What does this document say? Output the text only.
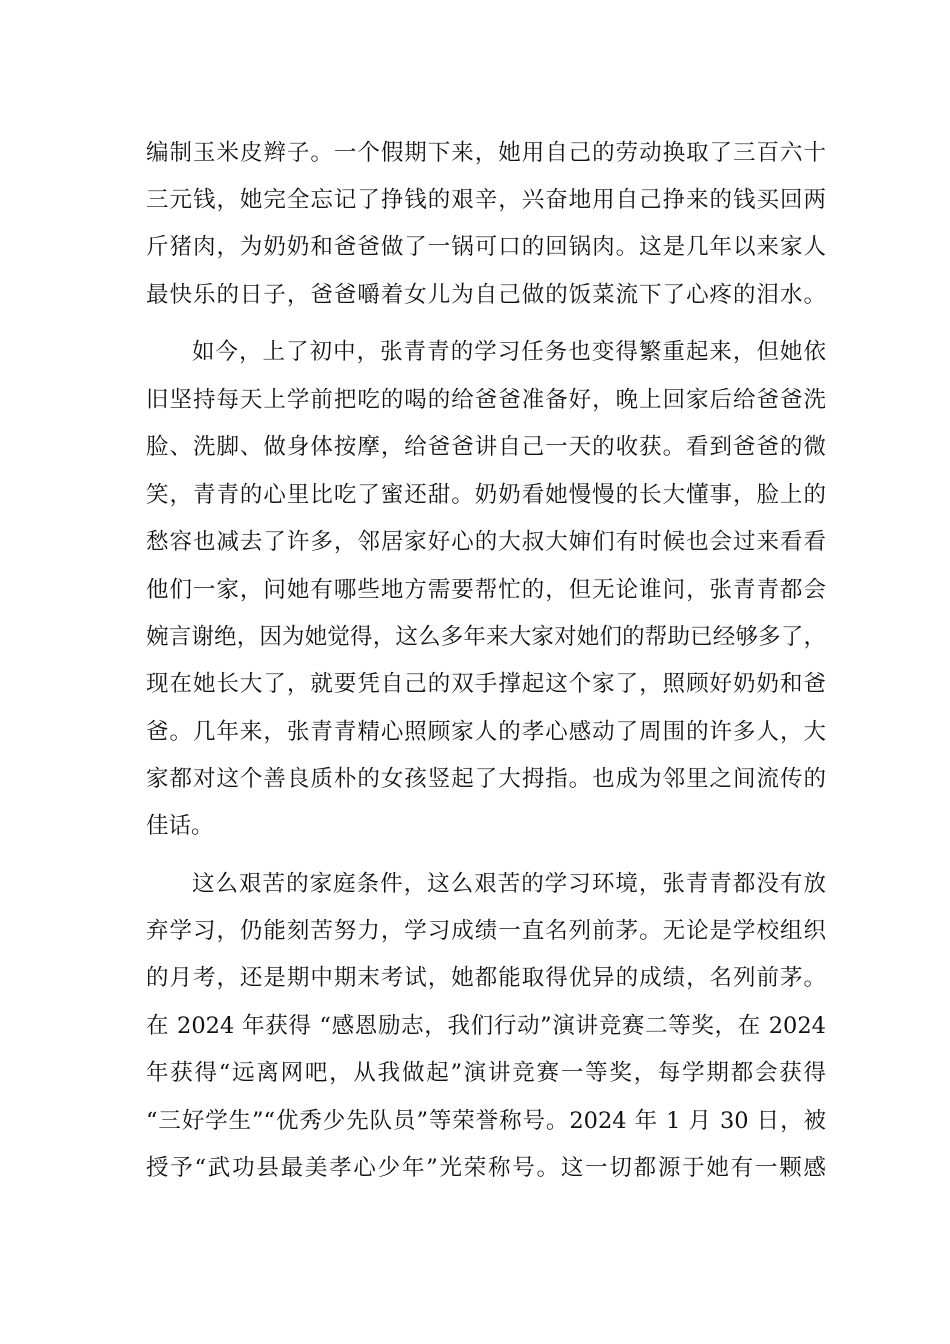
编制玉米皮辫子。一个假期下来，她用自己的劳动换取了三百六十
三元钱，她完全忘记了挣钱的艰辛，兴奋地用自己挣来的钱买回两
斤猪肉，为奶奶和爸爸做了一锅可口的回锅肉。这是几年以来家人
最快乐的日子，爸爸嚼着女儿为自己做的饭菜流下了心疼的泪水。
如今，上了初中，张青青的学习任务也变得繁重起来，但她依
旧坚持每天上学前把吃的喝的给爸爸准备好，晚上回家后给爸爸洗
脸、洗脚、做身体按摩，给爸爸讲自己一天的收获。看到爸爸的微
笑，青青的心里比吃了蜜还甜。奶奶看她慢慢的长大懂事，脸上的
愁容也减去了许多，邻居家好心的大叔大婶们有时候也会过来看看
他们一家，问她有哪些地方需要帮忙的，但无论谁问，张青青都会
婉言谢绝，因为她觉得，这么多年来大家对她们的帮助已经够多了，
现在她长大了，就要凭自己的双手撑起这个家了，照顾好奶奶和爸
爸。几年来，张青青精心照顾家人的孝心感动了周围的许多人，大
家都对这个善良质朴的女孩竖起了大拇指。也成为邻里之间流传的
佳话。
这么艰苦的家庭条件，这么艰苦的学习环境，张青青都没有放
弃学习，仍能刻苦努力，学习成绩一直名列前茅。无论是学校组织
的月考，还是期中期末考试，她都能取得优异的成绩，名列前茅。
在 2024 年获得 “感恩励志，我们行动”演讲竞赛二等奖，在 2024
年获得“远离网吧，从我做起”演讲竞赛一等奖，每学期都会获得
“三好学生”“优秀少先队员”等荣誉称号。2024 年 1 月 30 日，被
授予“武功县最美孝心少年”光荣称号。这一切都源于她有一颗感
